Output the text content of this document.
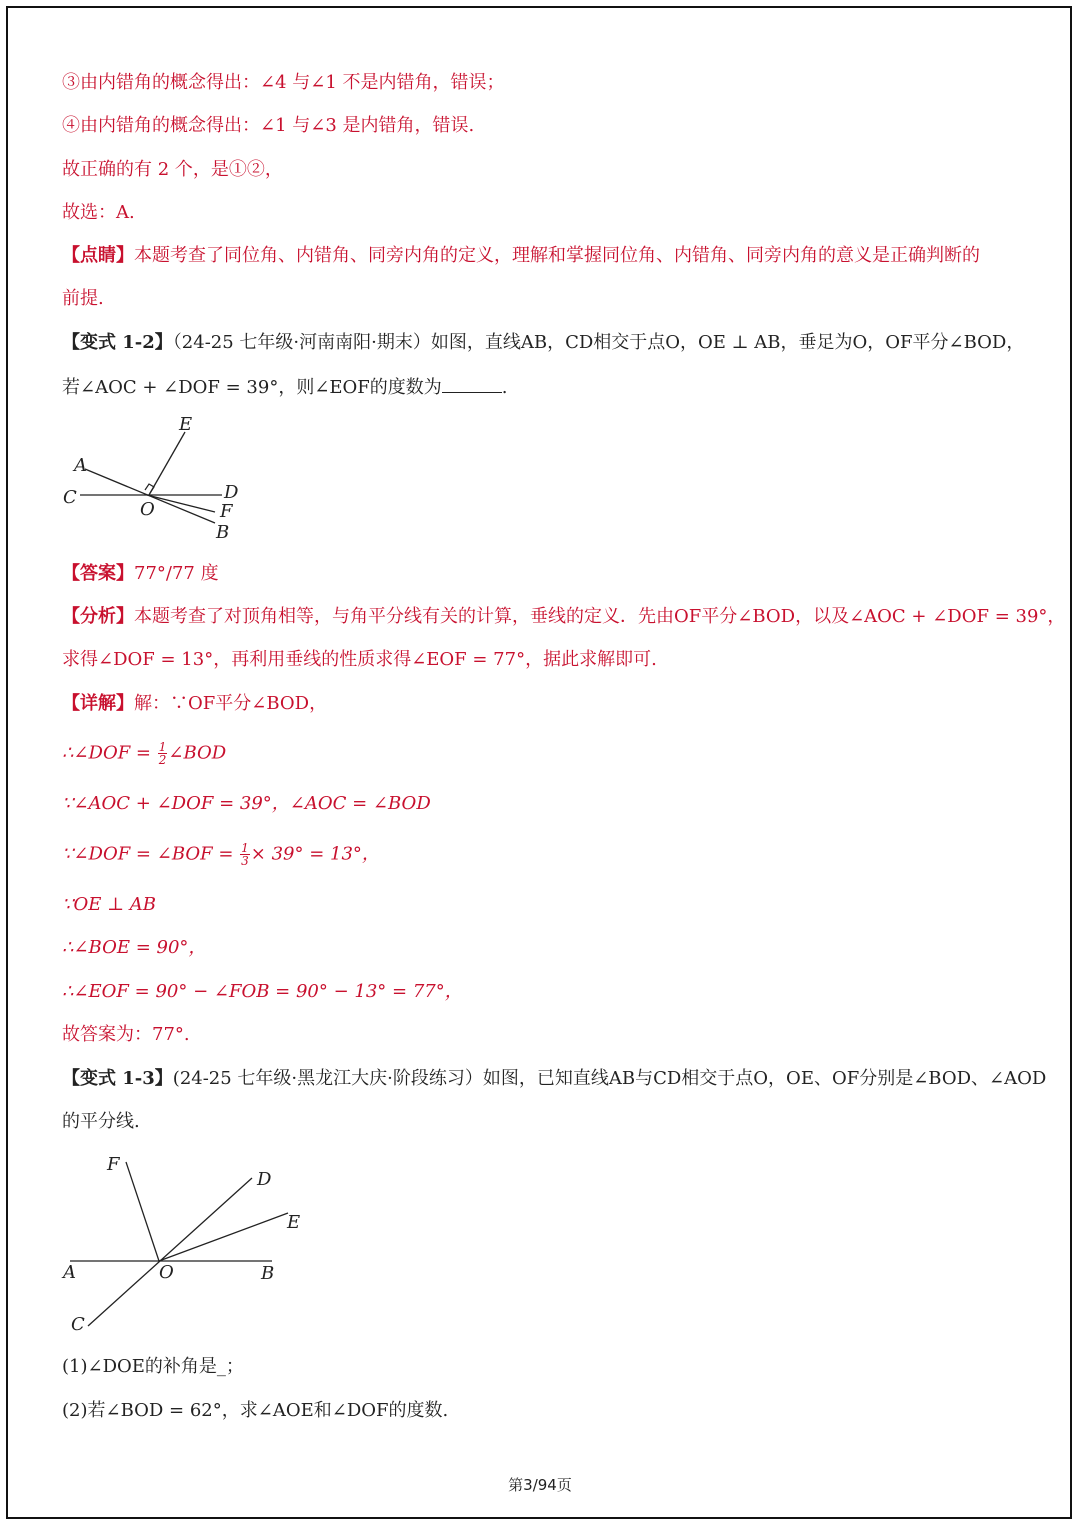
③由内错角的概念得出：∠4 与∠1 不是内错角，错误；
④由内错角的概念得出：∠1 与∠3 是内错角，错误.
故正确的有 2 个，是①②，
故选：A.
【点睛】本题考查了同位角、内错角、同旁内角的定义，理解和掌握同位角、内错角、同旁内角的意义是正确判断的
前提.
【变式 1-2】（24-25 七年级·河南南阳·期末）如图，直线AB，CD相交于点O，OE ⊥ AB，垂足为O，OF平分∠BOD，
若∠AOC + ∠DOF = 39°，则∠EOF的度数为	.
E
A
C	D
F
B
O
【答案】77°/77 度
【分析】本题考查了对顶角相等，与角平分线有关的计算，垂线的定义．先由OF平分∠BOD，以及∠AOC + ∠DOF = 39°，
求得∠DOF = 13°，再利用垂线的性质求得∠EOF = 77°，据此求解即可.
【详解】解：∵OF平分∠BOD，
∴∠DOF = $\frac{1}{2}$ ∠BOD
∵∠AOC + ∠DOF = 39°，∠AOC = ∠BOD
∵∠DOF = ∠BOF = $\frac{1}{3} \times 39^\circ = 13^\circ$，
∵OE ⊥ AB
∴∠BOE = 90°，
∴∠EOF = 90° − ∠FOB = 90° − 13° = 77°，
故答案为：77°.
【变式 1-3】(24-25 七年级·黑龙江大庆·阶段练习）如图，已知直线AB与CD相交于点O，OE、OF分别是∠BOD、∠AOD
的平分线.
F
D
E
A	O	B
C
(1)∠DOE的补角是_；
(2)若∠BOD = 62°，求∠AOE和∠DOF的度数.
第3/94页
